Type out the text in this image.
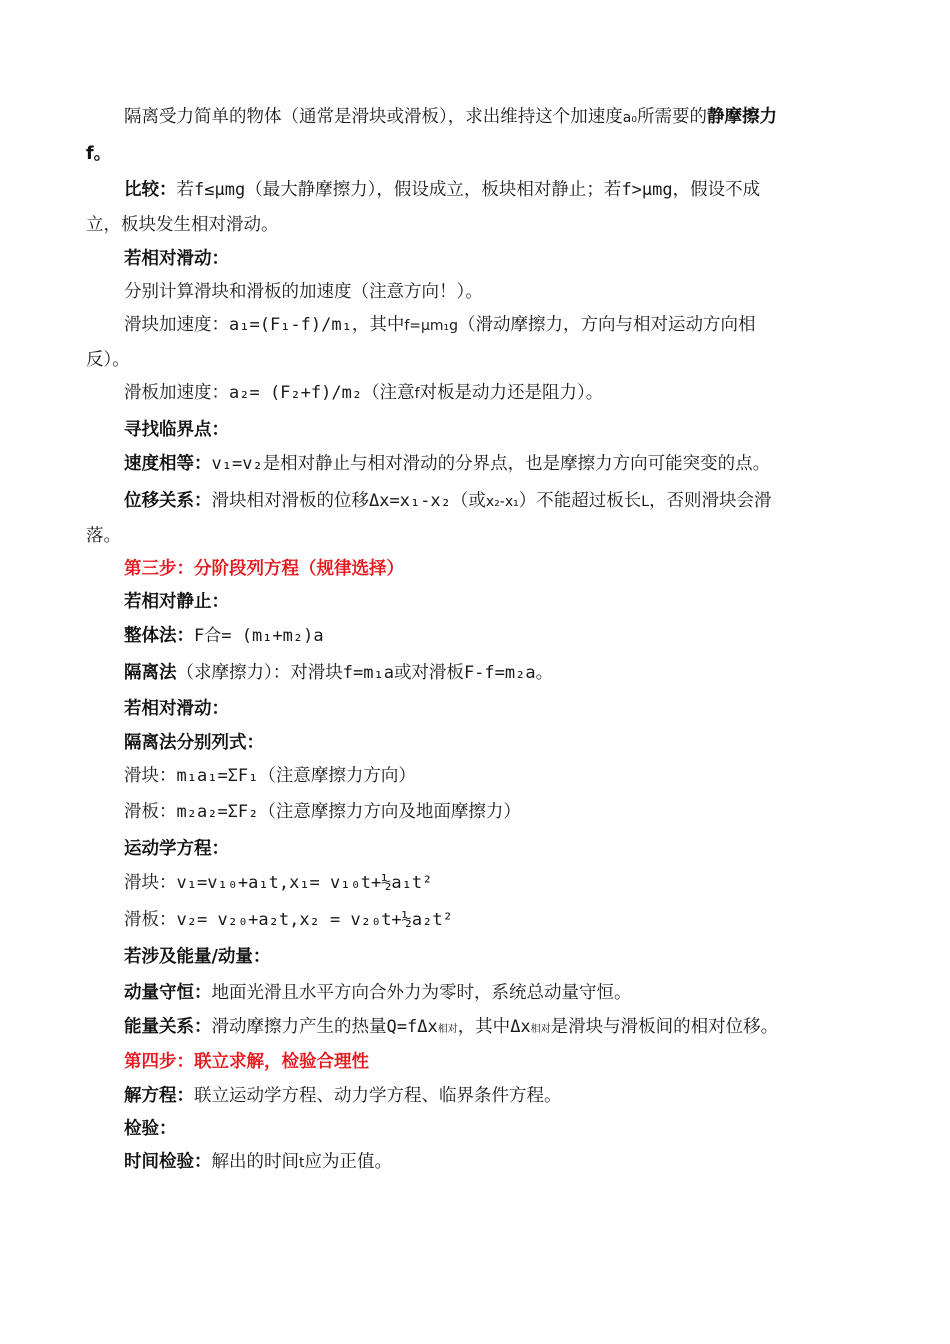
隔离受力简单的物体（通常是滑块或滑板），求出维持这个加速度a₀所需要的静摩擦力
f。
比较：若f≤μmg（最大静摩擦力），假设成立，板块相对静止；若f>μmg，假设不成
立，板块发生相对滑动。
若相对滑动：
分别计算滑块和滑板的加速度（注意方向！）。
滑块加速度：a₁=(F₁-f)/m₁，其中f=μm₁g（滑动摩擦力，方向与相对运动方向相
反）。
滑板加速度：a₂= (F₂+f)/m₂（注意f对板是动力还是阻力）。
寻找临界点：
速度相等：v₁=v₂是相对静止与相对滑动的分界点，也是摩擦力方向可能突变的点。
位移关系：滑块相对滑板的位移Δx=x₁-x₂（或x₂-x₁）不能超过板长L，否则滑块会滑
落。
第三步：分阶段列方程（规律选择）
若相对静止：
整体法：F合= (m₁+m₂)a
隔离法（求摩擦力）：对滑块f=m₁a或对滑板F-f=m₂a。
若相对滑动：
隔离法分别列式：
滑块：m₁a₁=ΣF₁（注意摩擦力方向）
滑板：m₂a₂=ΣF₂（注意摩擦力方向及地面摩擦力）
运动学方程：
滑块：v₁=v₁₀+a₁t,x₁= v₁₀t+½a₁t²
滑板：v₂= v₂₀+a₂t,x₂ = v₂₀t+½a₂t²
若涉及能量/动量：
动量守恒：地面光滑且水平方向合外力为零时，系统总动量守恒。
能量关系：滑动摩擦力产生的热量Q=fΔx相对，其中Δx相对是滑块与滑板间的相对位移。
第四步：联立求解，检验合理性
解方程：联立运动学方程、动力学方程、临界条件方程。
检验：
时间检验：解出的时间t应为正值。
